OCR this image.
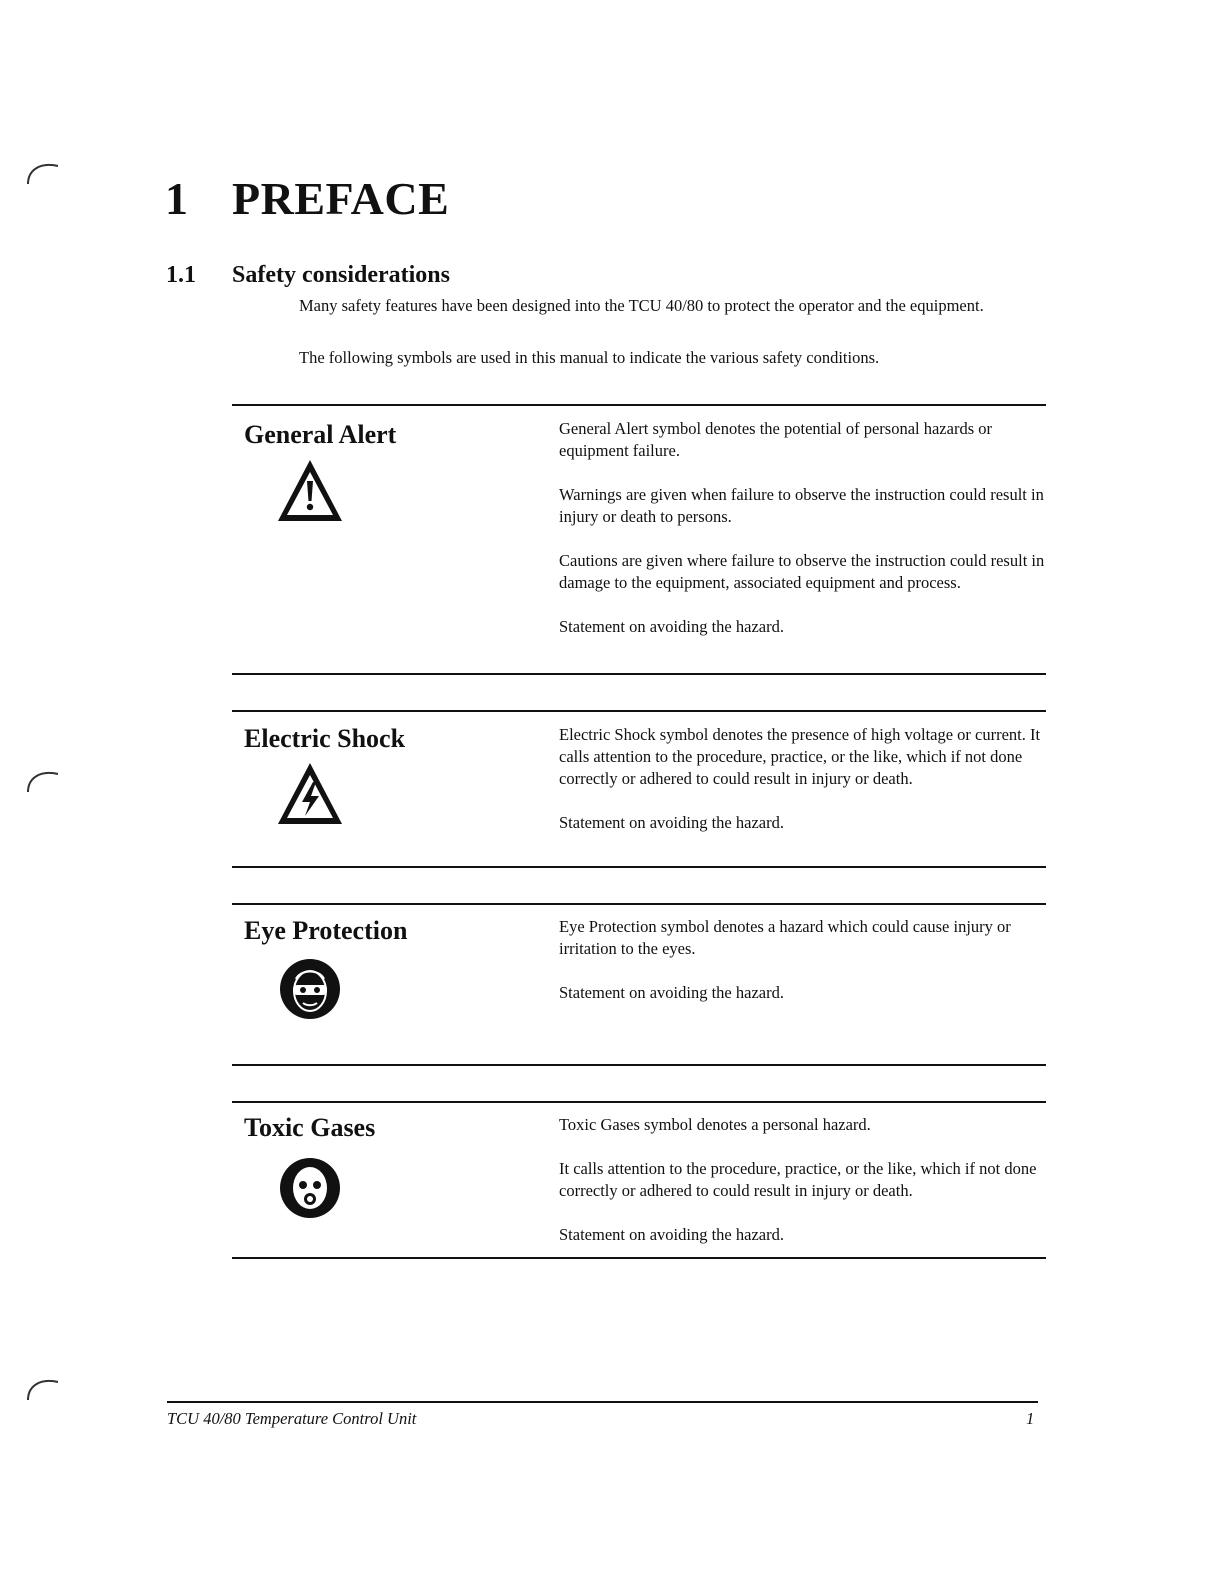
1 PREFACE
1.1 Safety considerations

Many safety features have been designed into the TCU 40/80 to protect the operator and the equipment.

The following symbols are used in this manual to indicate the various safety conditions.

General Alert	General Alert symbol denotes the potential of personal hazards or equipment failure.

Warnings are given when failure to observe the instruction could result in injury or death to persons.

Cautions are given where failure to observe the instruction could result in damage to the equipment, associated equipment and process.

Statement on avoiding the hazard.

Electric Shock	Electric Shock symbol denotes the presence of high voltage or current. It calls attention to the procedure, practice, or the like, which if not done correctly or adhered to could result in injury or death.

Statement on avoiding the hazard.

Eye Protection	Eye Protection symbol denotes a hazard which could cause injury or irritation to the eyes.

Statement on avoiding the hazard.

Toxic Gases	Toxic Gases symbol denotes a personal hazard.

It calls attention to the procedure, practice, or the like, which if not done correctly or adhered to could result in injury or death.

Statement on avoiding the hazard.

TCU 40/80 Temperature Control Unit	1
